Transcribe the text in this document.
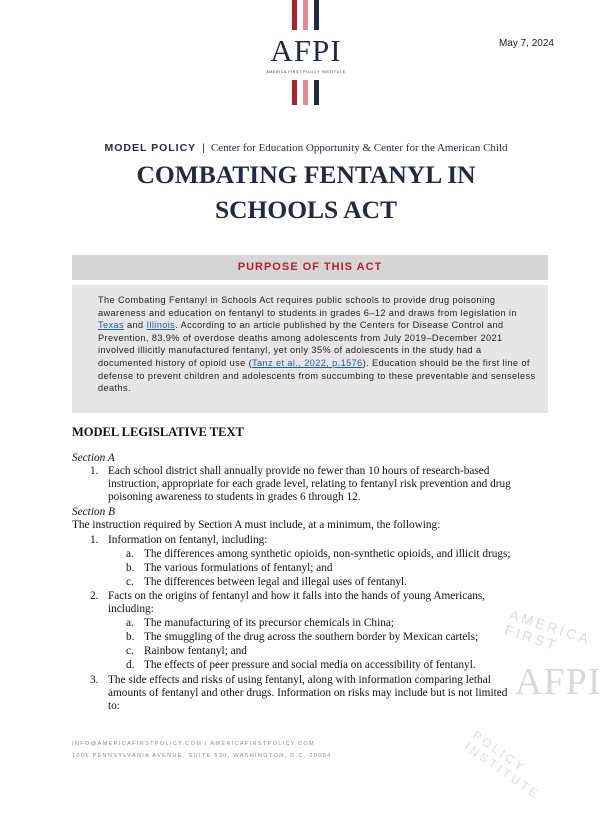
AFPI
AMERICA FIRST POLICY INSTITUTE
May 7, 2024
MODEL POLICY | Center for Education Opportunity & Center for the American Child
COMBATING FENTANYL IN
SCHOOLS ACT
PURPOSE OF THIS ACT
The Combating Fentanyl in Schools Act requires public schools to provide drug poisoning awareness and education on fentanyl to students in grades 6–12 and draws from legislation in Texas and Illinois. According to an article published by the Centers for Disease Control and Prevention, 83.9% of overdose deaths among adolescents from July 2019–December 2021 involved illicitly manufactured fentanyl, yet only 35% of adolescents in the study had a documented history of opioid use (Tanz et al., 2022, p.1576). Education should be the first line of defense to prevent children and adolescents from succumbing to these preventable and senseless deaths.
MODEL LEGISLATIVE TEXT
Section A
1. Each school district shall annually provide no fewer than 10 hours of research-based
instruction, appropriate for each grade level, relating to fentanyl risk prevention and drug
poisoning awareness to students in grades 6 through 12.
Section B
The instruction required by Section A must include, at a minimum, the following:
1. Information on fentanyl, including:
a. The differences among synthetic opioids, non-synthetic opioids, and illicit drugs;
b. The various formulations of fentanyl; and
c. The differences between legal and illegal uses of fentanyl.
2. Facts on the origins of fentanyl and how it falls into the hands of young Americans,
including:
a. The manufacturing of its precursor chemicals in China;
b. The smuggling of the drug across the southern border by Mexican cartels;
c. Rainbow fentanyl; and
d. The effects of peer pressure and social media on accessibility of fentanyl.
3. The side effects and risks of using fentanyl, along with information comparing lethal
amounts of fentanyl and other drugs. Information on risks may include but is not limited
to:
AFPI
AMERICA FIRST
POLICY INSTITUTE
INFO@AMERICAFIRSTPOLICY.COM | AMERICAFIRSTPOLICY.COM
1001 PENNSYLVANIA AVENUE, SUITE 530, WASHINGTON, D.C. 20004
